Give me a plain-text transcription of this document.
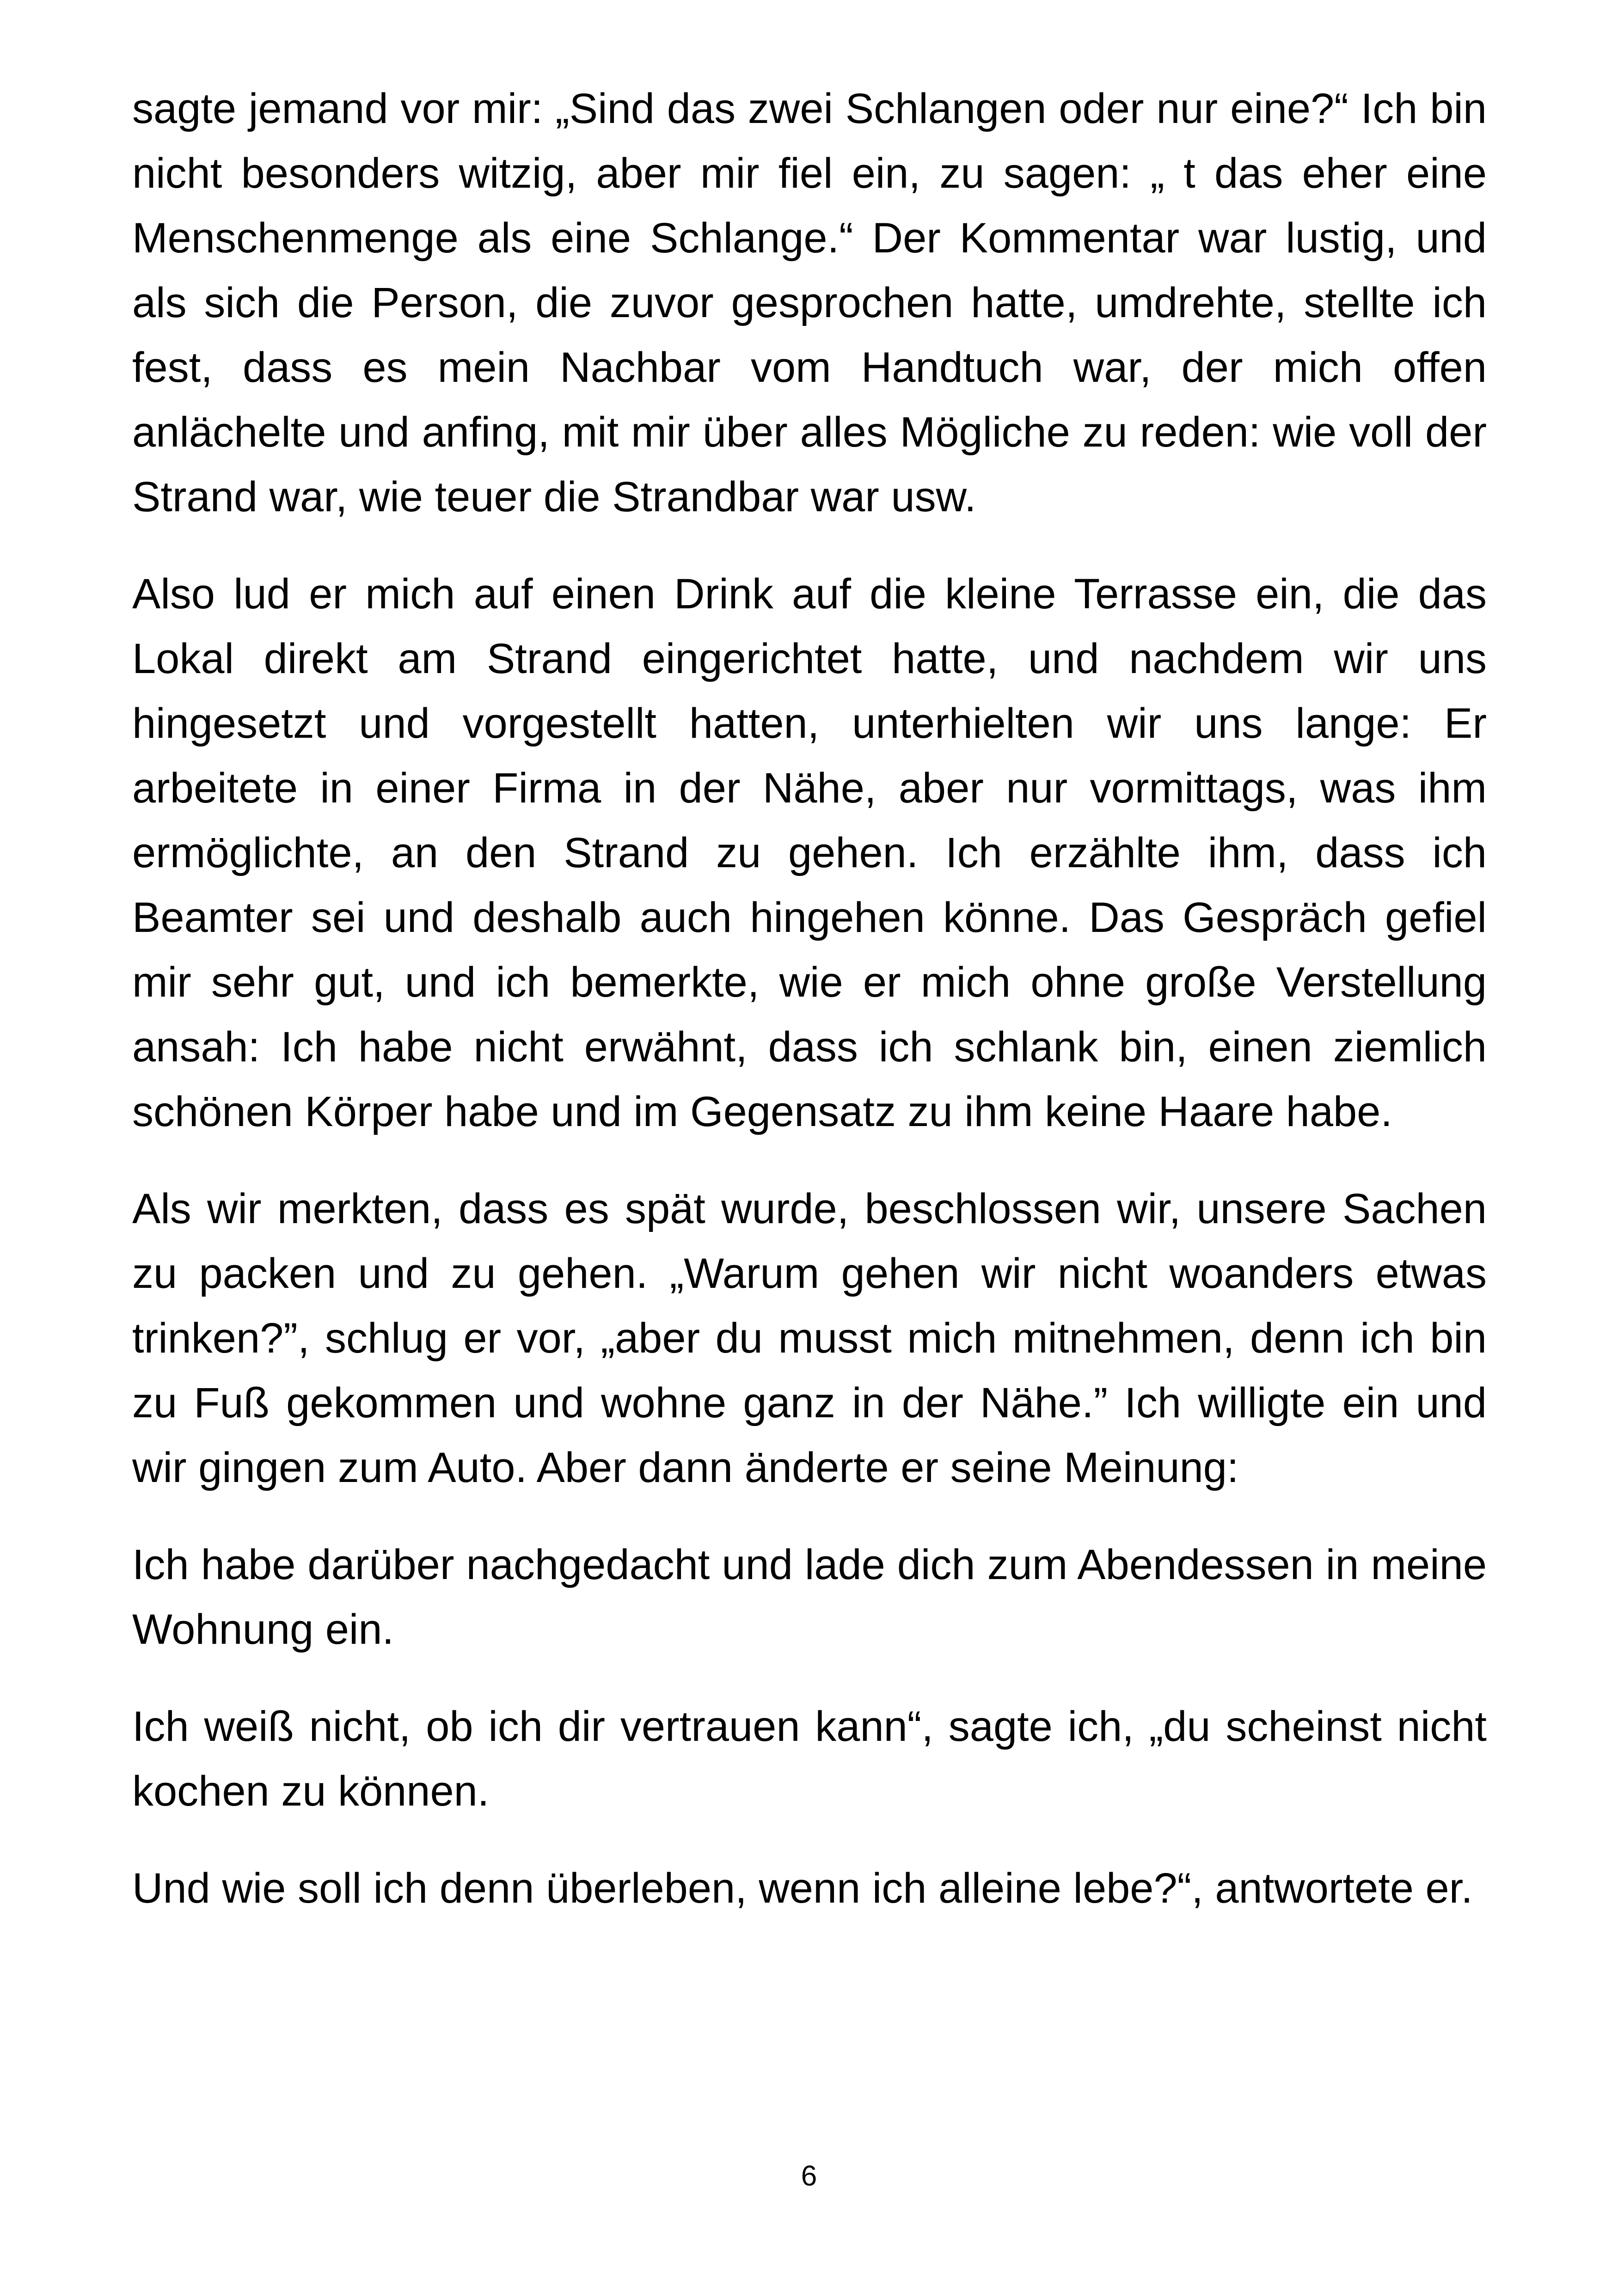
sagte jemand vor mir: „Sind das zwei Schlangen oder nur eine?“ Ich bin nicht besonders witzig, aber mir fiel ein, zu sagen: „ t das eher eine Menschenmenge als eine Schlange.“ Der Kommentar war lustig, und als sich die Person, die zuvor gesprochen hatte, umdrehte, stellte ich fest, dass es mein Nachbar vom Handtuch war, der mich offen anlächelte und anfing, mit mir über alles Mögliche zu reden: wie voll der Strand war, wie teuer die Strandbar war usw.

Also lud er mich auf einen Drink auf die kleine Terrasse ein, die das Lokal direkt am Strand eingerichtet hatte, und nachdem wir uns hingesetzt und vorgestellt hatten, unterhielten wir uns lange: Er arbeitete in einer Firma in der Nähe, aber nur vormittags, was ihm ermöglichte, an den Strand zu gehen. Ich erzählte ihm, dass ich Beamter sei und deshalb auch hingehen könne. Das Gespräch gefiel mir sehr gut, und ich bemerkte, wie er mich ohne große Verstellung ansah: Ich habe nicht erwähnt, dass ich schlank bin, einen ziemlich schönen Körper habe und im Gegensatz zu ihm keine Haare habe.

Als wir merkten, dass es spät wurde, beschlossen wir, unsere Sachen zu packen und zu gehen. „Warum gehen wir nicht woanders etwas trinken?”, schlug er vor, „aber du musst mich mitnehmen, denn ich bin zu Fuß gekommen und wohne ganz in der Nähe.” Ich willigte ein und wir gingen zum Auto. Aber dann änderte er seine Meinung:

Ich habe darüber nachgedacht und lade dich zum Abendessen in meine Wohnung ein.

Ich weiß nicht, ob ich dir vertrauen kann“, sagte ich, „du scheinst nicht kochen zu können.

Und wie soll ich denn überleben, wenn ich alleine lebe?“, antwortete er.

6
